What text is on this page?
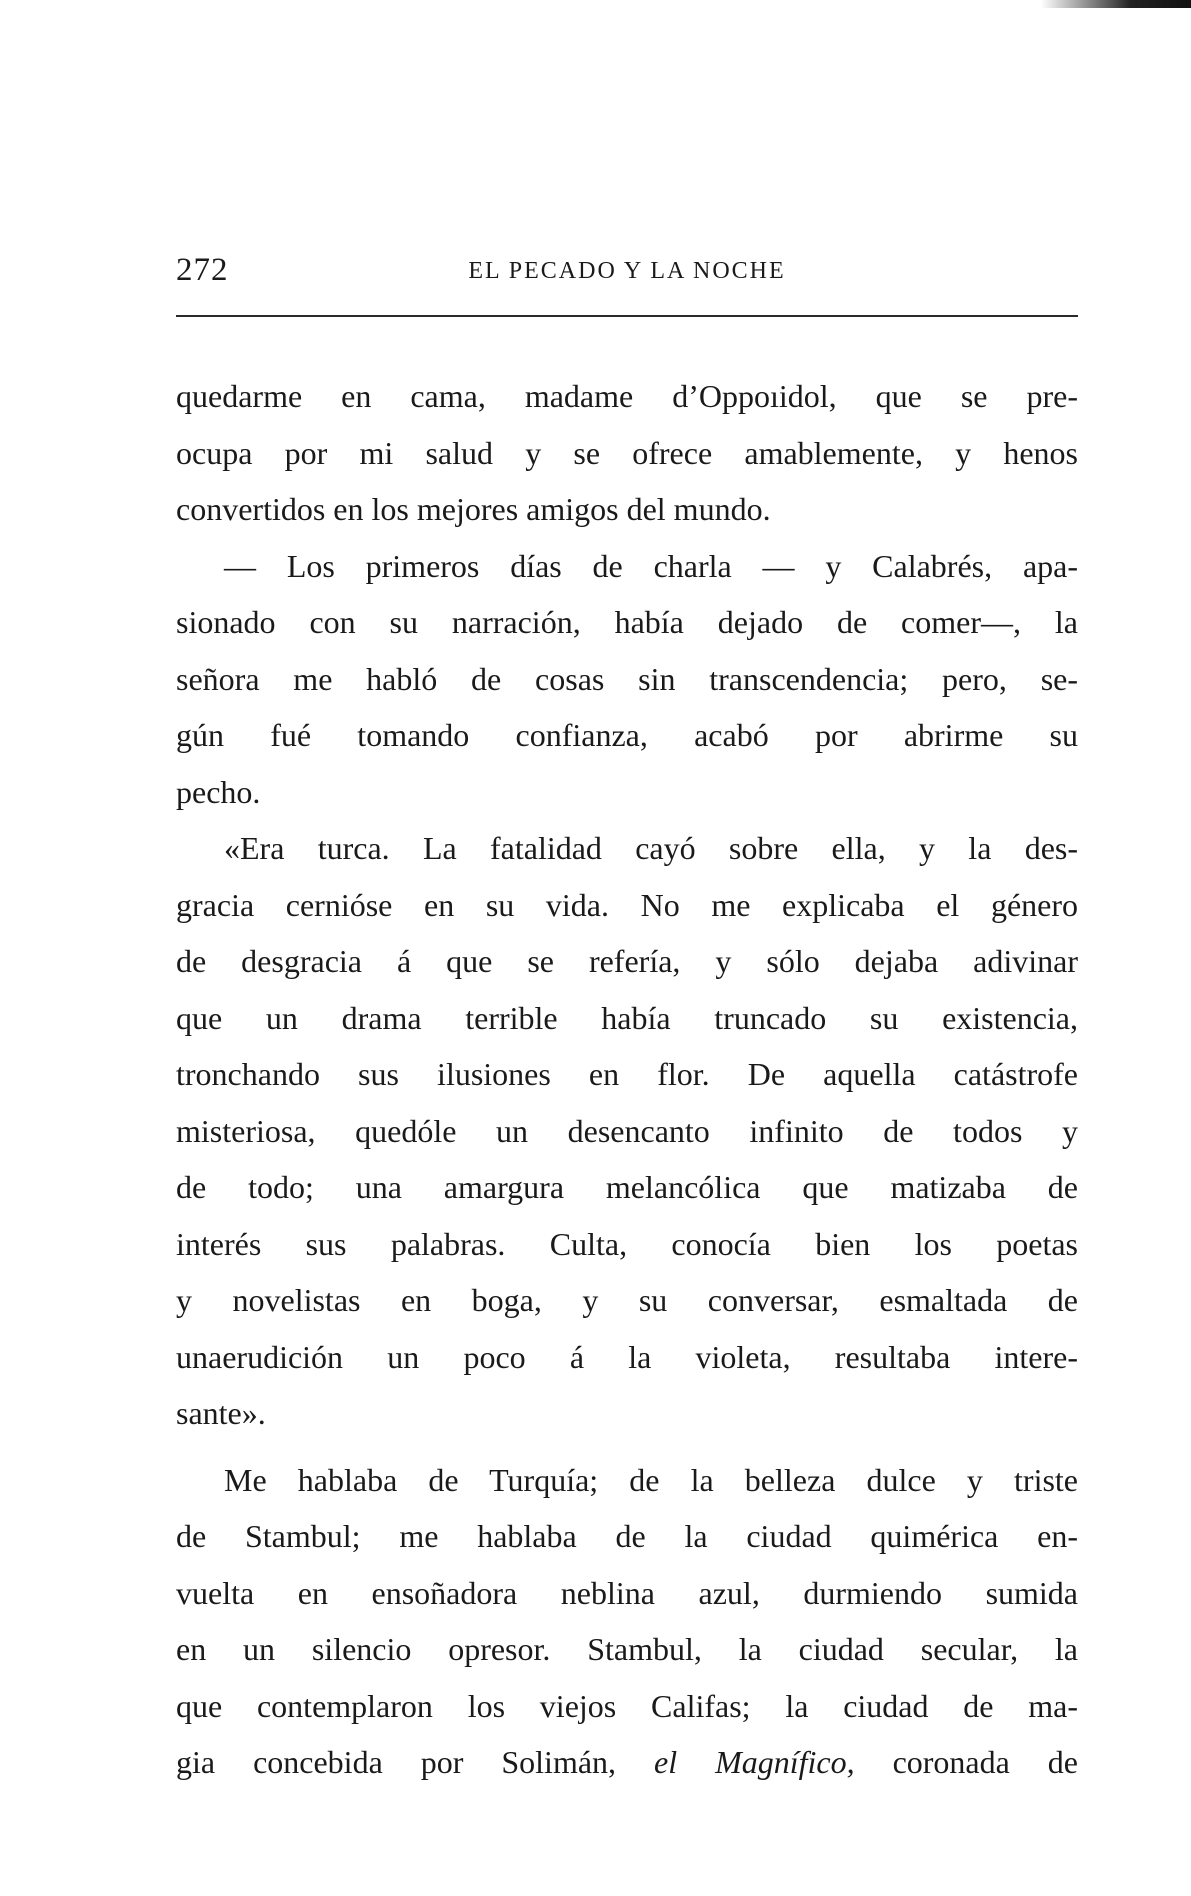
272	EL PECADO Y LA NOCHE
quedarme en cama, madame d’Oppoıidol, que se pre-
ocupa por mi salud y se ofrece amablemente, y henos
convertidos en los mejores amigos del mundo.
— Los primeros días de charla — y Calabrés, apa-
sionado con su narración, había dejado de comer—, la
señora me habló de cosas sin transcendencia; pero, se-
gún fué tomando confianza, acabó por abrirme su
pecho.
«Era turca. La fatalidad cayó sobre ella, y la des-
gracia cernióse en su vida. No me explicaba el género
de desgracia á que se refería, y sólo dejaba adivinar
que un drama terrible había truncado su existencia,
tronchando sus ilusiones en flor. De aquella catástrofe
misteriosa, quedóle un desencanto infinito de todos y
de todo; una amargura melancólica que matizaba de
interés sus palabras. Culta, conocía bien los poetas
y novelistas en boga, y su conversar, esmaltada de
unaerudición un poco á la violeta, resultaba intere-
sante».
Me hablaba de Turquía; de la belleza dulce y triste
de Stambul; me hablaba de la ciudad quimérica en-
vuelta en ensoñadora neblina azul, durmiendo sumida
en un silencio opresor. Stambul, la ciudad secular, la
que contemplaron los viejos Califas; la ciudad de ma-
gia concebida por Solimán, el Magnífico, coronada de
